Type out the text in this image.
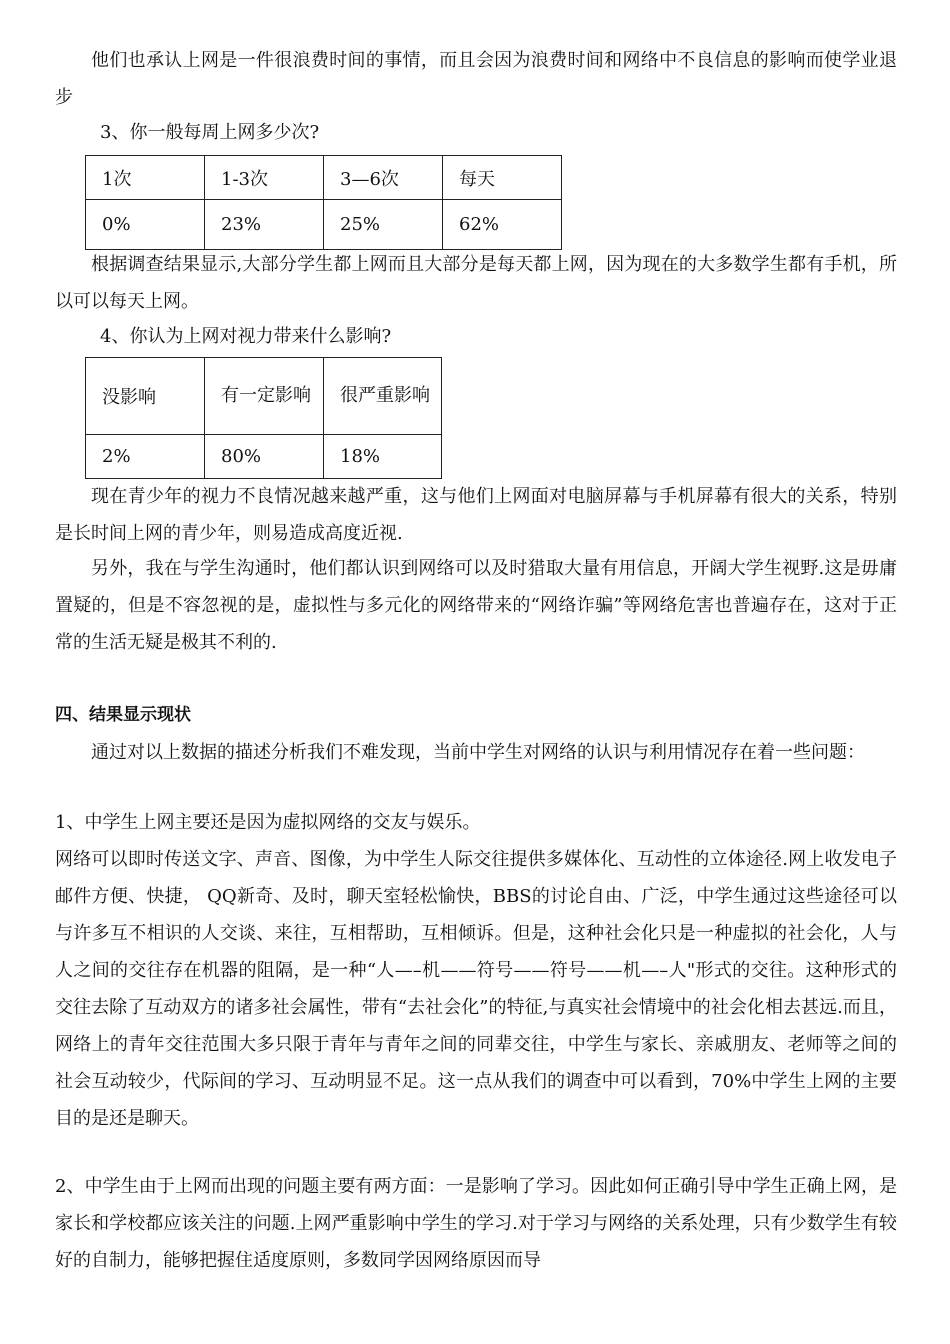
他们也承认上网是一件很浪费时间的事情，而且会因为浪费时间和网络中不良信息的影响而使学业退步

3、你一般每周上网多少次?

1次	1-3次	3—6次	每天
0%	23%	25%	62%

根据调查结果显示,大部分学生都上网而且大部分是每天都上网，因为现在的大多数学生都有手机，所以可以每天上网。

4、你认为上网对视力带来什么影响?

没影响	有一定影响	很严重影响
2%	80%	18%

现在青少年的视力不良情况越来越严重，这与他们上网面对电脑屏幕与手机屏幕有很大的关系，特别是长时间上网的青少年，则易造成高度近视.

另外，我在与学生沟通时，他们都认识到网络可以及时猎取大量有用信息，开阔大学生视野.这是毋庸置疑的，但是不容忽视的是，虚拟性与多元化的网络带来的“网络诈骗”等网络危害也普遍存在，这对于正常的生活无疑是极其不利的.

四、结果显示现状

通过对以上数据的描述分析我们不难发现，当前中学生对网络的认识与利用情况存在着一些问题：

1、中学生上网主要还是因为虚拟网络的交友与娱乐。

网络可以即时传送文字、声音、图像，为中学生人际交往提供多媒体化、互动性的立体途径.网上收发电子邮件方便、快捷， QQ新奇、及时，聊天室轻松愉快，BBS的讨论自由、广泛，中学生通过这些途径可以与许多互不相识的人交谈、来往，互相帮助，互相倾诉。但是，这种社会化只是一种虚拟的社会化，人与人之间的交往存在机器的阻隔，是一种“人—–机——符号——符号——机—–人"形式的交往。这种形式的交往去除了互动双方的诸多社会属性，带有“去社会化”的特征,与真实社会情境中的社会化相去甚远.而且，网络上的青年交往范围大多只限于青年与青年之间的同辈交往，中学生与家长、亲戚朋友、老师等之间的社会互动较少，代际间的学习、互动明显不足。这一点从我们的调查中可以看到，70%中学生上网的主要目的是还是聊天。

2、中学生由于上网而出现的问题主要有两方面：一是影响了学习。因此如何正确引导中学生正确上网，是家长和学校都应该关注的问题.上网严重影响中学生的学习.对于学习与网络的关系处理，只有少数学生有较好的自制力，能够把握住适度原则，多数同学因网络原因而导
